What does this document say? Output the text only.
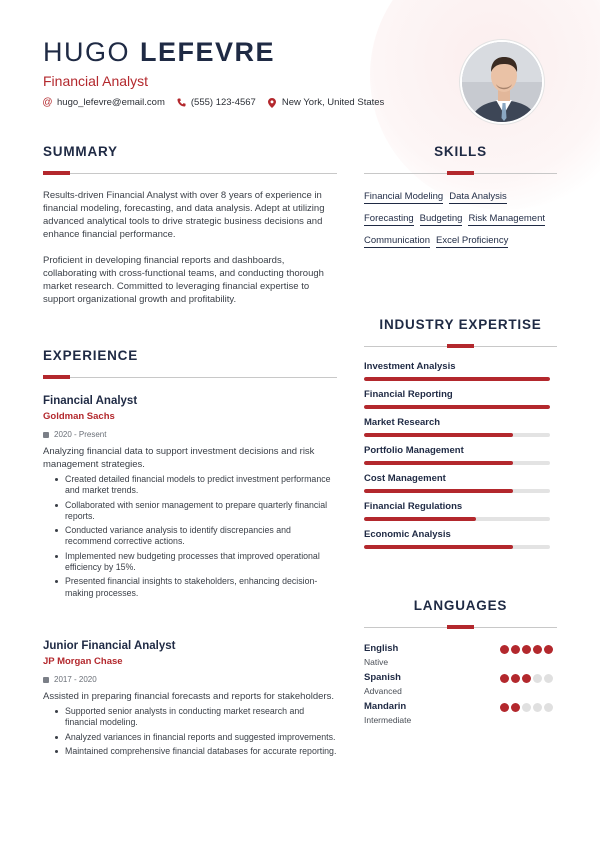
HUGO LEFEVRE
Financial Analyst
@ hugo_lefevre@email.com	(555) 123-4567	New York, United States
SUMMARY

Results-driven Financial Analyst with over 8 years of experience in financial modeling, forecasting, and data analysis. Adept at utilizing advanced analytical tools to drive strategic business decisions and enhance financial performance.

Proficient in developing financial reports and dashboards, collaborating with cross-functional teams, and conducting thorough market research. Committed to leveraging financial expertise to support organizational growth and profitability.

EXPERIENCE
Financial Analyst
Goldman Sachs
2020 - Present

Analyzing financial data to support investment decisions and risk management strategies.

Created detailed financial models to predict investment performance and market trends.
Collaborated with senior management to prepare quarterly financial reports.
Conducted variance analysis to identify discrepancies and recommend corrective actions.
Implemented new budgeting processes that improved operational efficiency by 15%.
Presented financial insights to stakeholders, enhancing decision-making processes.
Junior Financial Analyst
JP Morgan Chase
2017 - 2020

Assisted in preparing financial forecasts and reports for stakeholders.

Supported senior analysts in conducting market research and financial modeling.
Analyzed variances in financial reports and suggested improvements.
Maintained comprehensive financial databases for accurate reporting.
SKILLS
Financial Modeling Data Analysis
Forecasting Budgeting Risk Management
Communication Excel Proficiency
INDUSTRY EXPERTISE
Investment Analysis
Financial Reporting
Market Research
Portfolio Management
Cost Management
Financial Regulations
Economic Analysis
LANGUAGES
English
Native
Spanish
Advanced
Mandarin
Intermediate
